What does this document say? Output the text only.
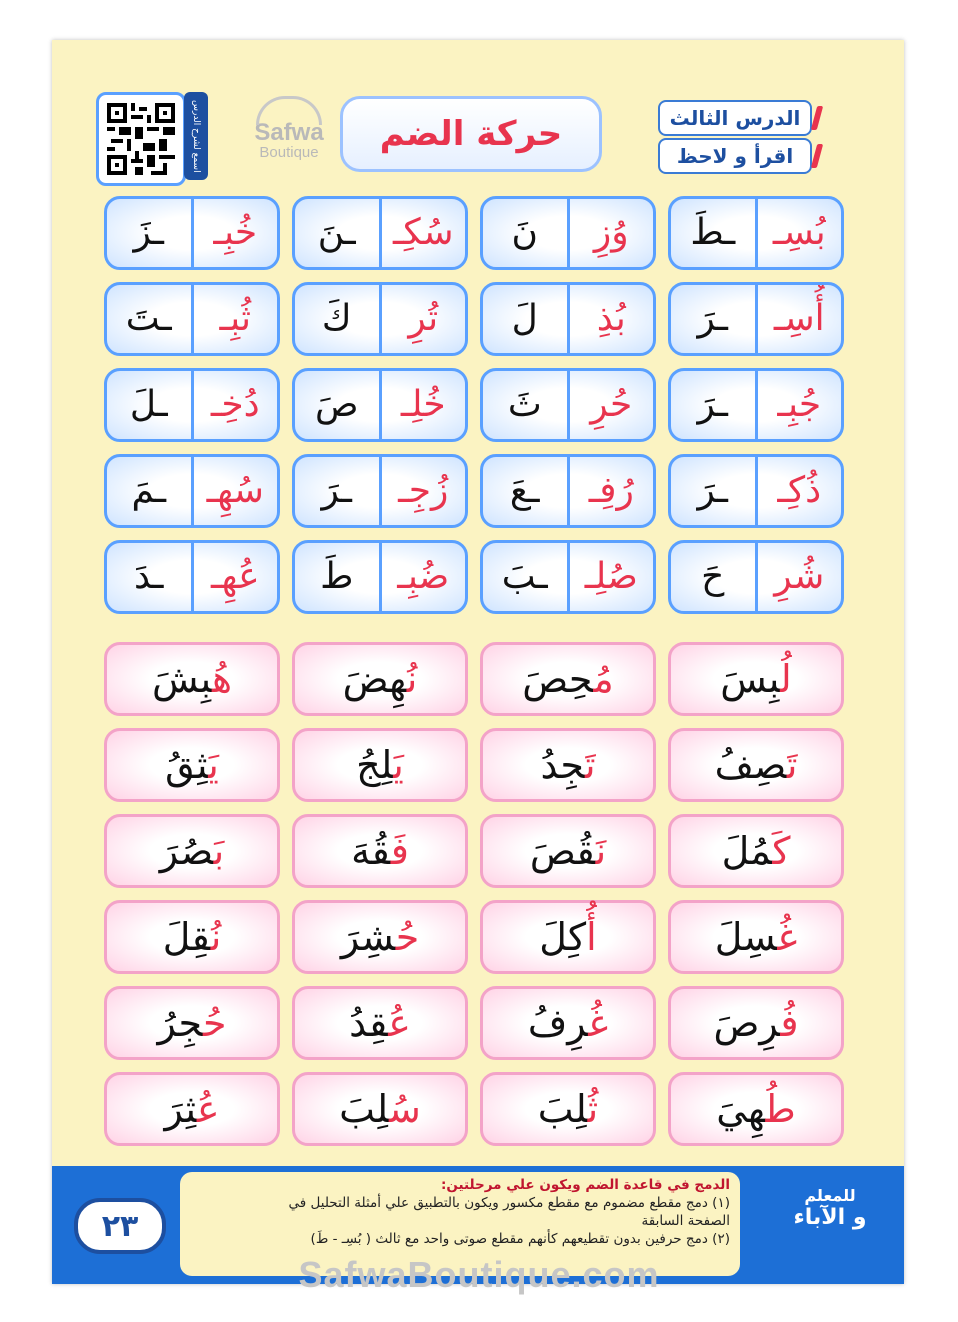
الدرس الثالث
اقرأ و لاحظ
حركة الضم
اسمع لشرح الدرس	Safwa
Boutique
بُسِـ
ـطَ
وُزِ
نَ
سُكِـ
ـنَ
خُبِـ
ـزَ
أُسِـ
ـرَ
بُذِ
لَ
تُرِ
كَ
ثُبِـ
ـتَ
جُبِـ
ـرَ
حُرِ
ثَ
خُلِـ
صَ
دُخِـ
ـلَ
ذُكِـ
ـرَ
رُفِـ
ـعَ
زُجِـ
ـرَ
سُهِـ
ـمَ
شُرِ
حَ
صُلِـ
ـبَ
ضُبِـ
طَ
عُهِـ
ـدَ
لُبِسَ
مُحِصَ
نُهِضَ
هُبِشَ
تَصِفُ
تَجِدُ
يَلِجُ
يَثِقُ
كَمُلَ
نَقُصَ
فَقُهَ
بَصُرَ
غُسِلَ
أُكِلَ
حُشِرَ
نُقِلَ
فُرِصَ
غُرِفُ
عُقِدُ
حُجِرُ
طُهِيَ
ثُلِبَ
سُلِبَ
عُثِرَ
٢٣
الدمج في قاعدة الضم ويكون علي مرحلتين:
(١) دمج مقطع مضموم مع مقطع مكسور ويكون بالتطبيق علي أمثلة التحليل في
الصفحة السابقة
(٢) دمج حرفين بدون تقطيعهم كأنهم مقطع صوتى واحد مع ثالث ( بُسِـ - طَ)
للمعلم
و الآباء
SafwaBoutique.com
